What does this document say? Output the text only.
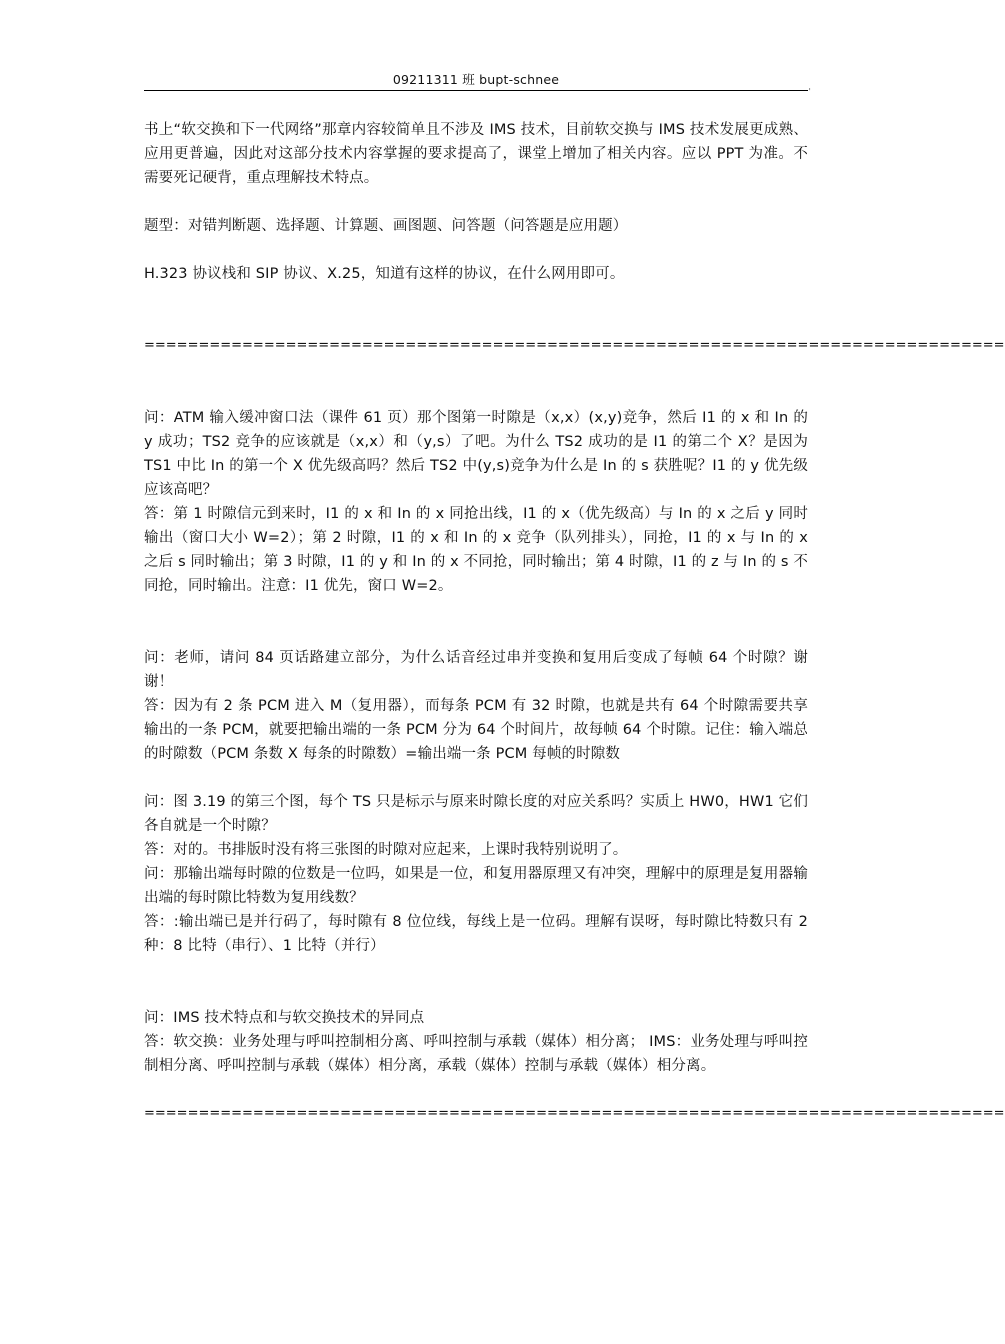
09211311 班 bupt-schnee
'

书上“软交换和下一代网络”那章内容较简单且不涉及 IMS 技术，目前软交换与 IMS 技术发展更成熟、应用更普遍，因此对这部分技术内容掌握的要求提高了，课堂上增加了相关内容。应以 PPT 为准。不需要死记硬背，重点理解技术特点。

题型：对错判断题、选择题、计算题、画图题、问答题（问答题是应用题）

H.323 协议栈和 SIP 协议、X.25，知道有这样的协议，在什么网用即可。

===============================================================================

问：ATM 输入缓冲窗口法（课件 61 页）那个图第一时隙是（x,x）(x,y)竞争，然后 I1 的 x 和 In 的 y 成功；TS2 竞争的应该就是（x,x）和（y,s）了吧。为什么 TS2 成功的是 I1 的第二个 X？是因为 TS1 中比 In 的第一个 X 优先级高吗？然后 TS2 中(y,s)竞争为什么是 In 的 s 获胜呢？I1 的 y 优先级应该高吧？

答：第 1 时隙信元到来时，I1 的 x 和 In 的 x 同抢出线，I1 的 x（优先级高）与 In 的 x 之后 y 同时输出（窗口大小 W=2）；第 2 时隙，I1 的 x 和 In 的 x 竞争（队列排头），同抢，I1 的 x 与 In 的 x 之后 s 同时输出；第 3 时隙，I1 的 y 和 In 的 x 不同抢，同时输出；第 4 时隙，I1 的 z 与 In 的 s 不同抢，同时输出。注意：I1 优先，窗口 W=2。

问：老师，请问 84 页话路建立部分，为什么话音经过串并变换和复用后变成了每帧 64 个时隙？谢谢！

答：因为有 2 条 PCM 进入 M（复用器），而每条 PCM 有 32 时隙，也就是共有 64 个时隙需要共享输出的一条 PCM，就要把输出端的一条 PCM 分为 64 个时间片，故每帧 64 个时隙。记住：输入端总的时隙数（PCM 条数 X 每条的时隙数）=输出端一条 PCM 每帧的时隙数

问：图 3.19 的第三个图，每个 TS 只是标示与原来时隙长度的对应关系吗？实质上 HW0，HW1 它们各自就是一个时隙？

答：对的。书排版时没有将三张图的时隙对应起来，上课时我特别说明了。

问：那输出端每时隙的位数是一位吗，如果是一位，和复用器原理又有冲突，理解中的原理是复用器输出端的每时隙比特数为复用线数？

答：:输出端已是并行码了，每时隙有 8 位位线，每线上是一位码。理解有误呀，每时隙比特数只有 2 种：8 比特（串行）、1 比特（并行）

问：IMS 技术特点和与软交换技术的异同点

答：软交换：业务处理与呼叫控制相分离、呼叫控制与承载（媒体）相分离； IMS：业务处理与呼叫控制相分离、呼叫控制与承载（媒体）相分离，承载（媒体）控制与承载（媒体）相分离。

===============================================================================
